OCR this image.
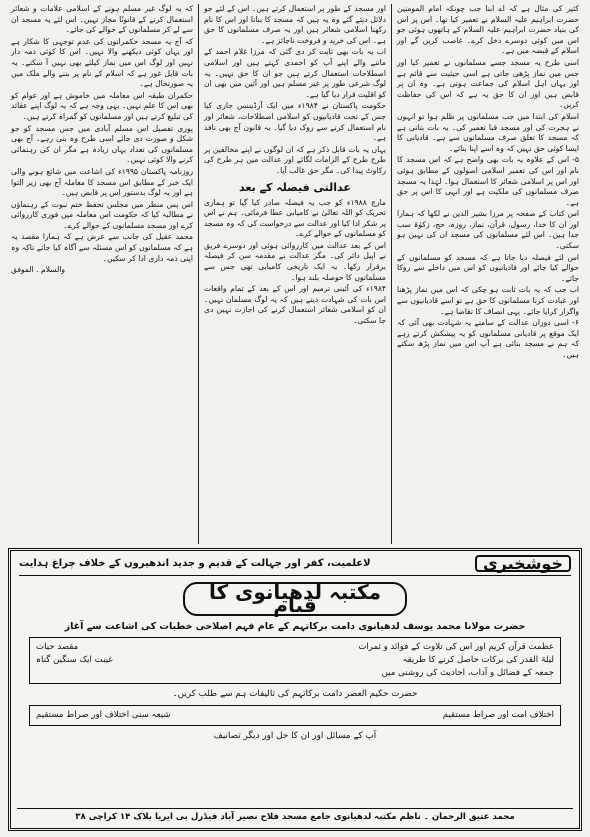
کثیر کی مثال ہے کہ اے ابنا جب چونکہ امام المومنین حضرت ابراہیم علیہ السلام نے تعمیر کیا تھا۔ اس پر اس کی بنیاد حضرت ابراہیم علیہ السلام کے ہاتھوں ہوئی جو اس میں کوئی دوسرے دخل کرے۔ غاصب کریں گے اور اسلام کے قبضہ میں ہے۔

اسی طرح یہ مسجد جسے مسلمانوں نے تعمیر کیا اور جس میں نماز پڑھی جاتی ہے اسی حیثیت سے قائم ہے اور یہاں اہل اسلام کی جماعت ہوتی ہے۔ وہ ان پر قابض ہیں اور ان کا حق یہ ہے کہ اس کی حفاظت کریں۔

اسلام کی ابتدا میں جب مسلمانوں پر ظلم ہوا تو انہوں نے ہجرت کی اور مسجد قبا تعمیر کی۔ یہ بات بتاتی ہے کہ مسجد کا تعلق صرف مسلمانوں سے ہے۔ قادیانی کا ایسا کوئی حق نہیں کہ وہ اسے اپنا بتائے۔

۵- اس کے علاوہ یہ بات بھی واضح ہے کہ اس مسجد کا نام اور اس کی تعمیر اسلامی اصولوں کے مطابق ہوئی اور اس پر اسلامی شعائر کا استعمال ہوا۔ لہٰذا یہ مسجد صرف مسلمانوں کی ملکیت ہے اور انہی کا اس پر حق ہے۔

اس کتاب کے صفحہ پر مرزا بشیر الدین نے لکھا کہ ہمارا اور ان کا خدا، رسول، قرآن، نماز، روزہ، حج، زکوٰۃ سب جدا ہیں۔ اس لئے مسلمانوں کی مسجد ان کی نہیں ہو سکتی۔

اس لئے فیصلہ دیا جاتا ہے کہ مسجد کو مسلمانوں کے حوالے کیا جائے اور قادیانیوں کو اس میں داخلے سے روکا جائے۔

اب جب کہ یہ بات ثابت ہو چکی کہ اس میں نماز پڑھنا اور عبادت کرنا مسلمانوں کا حق ہے تو اسے قادیانیوں سے واگزار کرایا جائے۔ یہی انصاف کا تقاضا ہے۔

۶- اسی دوران عدالت کے سامنے یہ شہادت بھی آئی کہ ایک موقع پر قادیانی مسلمانوں کو یہ پیشکش کرتے رہے کہ ہم نے مسجد بنائی ہے آپ اس میں نماز پڑھ سکتے ہیں۔

اور مسجد کے طور پر استعمال کرتے ہیں۔ اس کے لئے جو دلائل دیئے گئے وہ یہ ہیں کہ مسجد کا بنانا اور اس کا نام رکھنا اسلامی شعائر ہیں اور یہ صرف مسلمانوں کا حق ہے۔ اس کی خرید و فروخت ناجائز ہے۔

اب یہ بات بھی ثابت کر دی گئی کہ مرزا غلام احمد کے ماننے والے اپنے آپ کو احمدی کہتے ہیں اور اسلامی اصطلاحات استعمال کرتے ہیں جو ان کا حق نہیں۔ یہ لوگ شرعی طور پر غیر مسلم ہیں اور آئین میں بھی ان کو اقلیت قرار دیا گیا ہے۔

حکومت پاکستان نے ۱۹۸۴ء میں ایک آرڈیننس جاری کیا جس کے تحت قادیانیوں کو اسلامی اصطلاحات، شعائر اور نام استعمال کرنے سے روک دیا گیا۔ یہ قانون آج بھی نافذ ہے۔

یہاں یہ بات قابل ذکر ہے کہ ان لوگوں نے اپنے مخالفین پر طرح طرح کے الزامات لگائے اور عدالت میں ہر طرح کی رکاوٹ پیدا کی۔ مگر حق غالب آیا۔

عدالتی فیصلہ کے بعد

مارچ ۱۹۸۸ء کو جب یہ فیصلہ صادر کیا گیا تو ہماری تحریک کو اللہ تعالیٰ نے کامیابی عطا فرمائی۔ ہم نے اس پر شکر ادا کیا اور عدالت سے درخواست کی کہ وہ مسجد کو مسلمانوں کے حوالے کرے۔

اس کے بعد عدالت میں کارروائی ہوئی اور دوسرے فریق نے اپیل دائر کی۔ مگر عدالت نے مقدمہ سن کر فیصلہ برقرار رکھا۔ یہ ایک تاریخی کامیابی تھی جس سے مسلمانوں کا حوصلہ بلند ہوا۔

۱۹۸۴ء کی آئینی ترمیم اور اس کے بعد کے تمام واقعات اس بات کی شہادت دیتے ہیں کہ یہ لوگ مسلمان نہیں۔ ان کو اسلامی شعائر استعمال کرنے کی اجازت نہیں دی جا سکتی۔

کہ یہ لوگ غیر مسلم ہونے کے اسلامی علامات و شعائر استعمال کرنے کے قانونًا مجاز نہیں۔ اس لئے یہ مسجد ان سے لے کر مسلمانوں کے حوالے کی جائے۔

کہ آج یہ مسجد حکمرانوں کی عدم توجہی کا شکار ہے اور یہاں کوئی دیکھنے والا نہیں۔ اس کا کوئی ذمہ دار نہیں اور لوگ اس میں نماز کیلئے بھی نہیں آ سکتے۔ یہ بات قابل غور ہے کہ اسلام کے نام پر بننے والے ملک میں یہ صورتحال ہے۔

حکمران طبقہ اس معاملہ میں خاموش ہے اور عوام کو بھی اس کا علم نہیں۔ یہی وجہ ہے کہ یہ لوگ اپنے عقائد کی تبلیغ کرتے ہیں اور مسلمانوں کو گمراہ کرتے ہیں۔

پوری تفصیل اس مسلم آبادی میں جس مسجد کو جو شکل و صورت دی جائے اسی طرح وہ بنی رہے۔ آج بھی مسلمانوں کی تعداد یہاں زیادہ ہے مگر ان کی رہنمائی کرنے والا کوئی نہیں۔

روزنامہ پاکستان ۱۹۹۵ء کی اشاعت میں شائع ہونے والی ایک خبر کے مطابق اس مسجد کا معاملہ آج بھی زیر التوا ہے اور یہ لوگ بدستور اس پر قابض ہیں۔

اس پس منظر میں مجلس تحفظ ختم نبوت کے رہنماؤں نے مطالبہ کیا کہ حکومت اس معاملہ میں فوری کارروائی کرے اور مسجد مسلمانوں کے حوالے کرے۔

محمد عقیل کی جانب سے عرض ہے کہ ہمارا مقصد یہ ہے کہ مسلمانوں کو اس مسئلہ سے آگاہ کیا جائے تاکہ وہ اپنی ذمہ داری ادا کر سکیں۔

والسلام . الموفق
خوشخبری
لاعلمیت، کفر اور جہالت کے قدیم و جدید اندھیروں کے خلاف چراغ ہدایت
مکتبہ لدھیانوی کا قیام
حضرت مولانا محمد یوسف لدھیانوی دامت برکاتہم کے عام فہم اصلاحی خطبات کی اشاعت سے آغاز
عظمت قرآن کریم اور اس کی تلاوت کے فوائد و ثمرات
مقصد حیات
لیلۃ القدر کی برکات حاصل کرنے کا طریقہ
غیبت ایک سنگین گناہ
جمعہ کے فضائل و آداب، احادیث کی روشنی میں
حضرت حکیم العصر دامت برکاتہم کی تالیفات ہم سے طلب کریں۔
اختلاف امت اور صراط مستقیم
شیعہ سنی اختلاف اور صراط مستقیم
آپ کے مسائل اور ان کا حل اور دیگر تصانیف
محمد عتیق الرحمان ۔ ناظم مکتبہ لدھیانوی جامع مسجد فلاح نصیر آباد فیڈرل بی ایریا بلاک ۱۴ کراچی ۳۸
